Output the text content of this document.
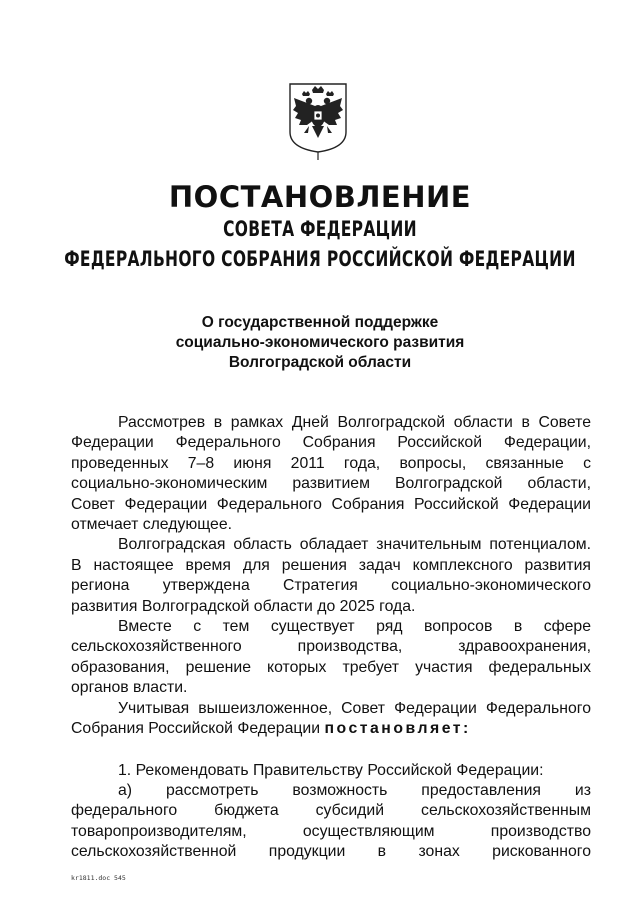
ПОСТАНОВЛЕНИЕ
СОВЕТА ФЕДЕРАЦИИ
ФЕДЕРАЛЬНОГО СОБРАНИЯ РОССИЙСКОЙ ФЕДЕРАЦИИ
О государственной поддержке
социально-экономического развития
Волгоградской области
Рассмотрев в рамках Дней Волгоградской области в Совете
Федерации Федерального Собрания Российской Федерации,
проведенных 7–8 июня 2011 года, вопросы, связанные с
социально-экономическим развитием Волгоградской области,
Совет Федерации Федерального Собрания Российской Федерации
отмечает следующее.
Волгоградская область обладает значительным потенциалом.
В настоящее время для решения задач комплексного развития
региона утверждена Стратегия социально-экономического
развития Волгоградской области до 2025 года.
Вместе с тем существует ряд вопросов в сфере
сельскохозяйственного производства, здравоохранения,
образования, решение которых требует участия федеральных
органов власти.
Учитывая вышеизложенное, Совет Федерации Федерального
Собрания Российской Федерации постановляет:
1. Рекомендовать Правительству Российской Федерации:
а) рассмотреть возможность предоставления из
федерального бюджета субсидий сельскохозяйственным
товаропроизводителям, осуществляющим производство
сельскохозяйственной продукции в зонах рискованного
kr1811.doc 545
